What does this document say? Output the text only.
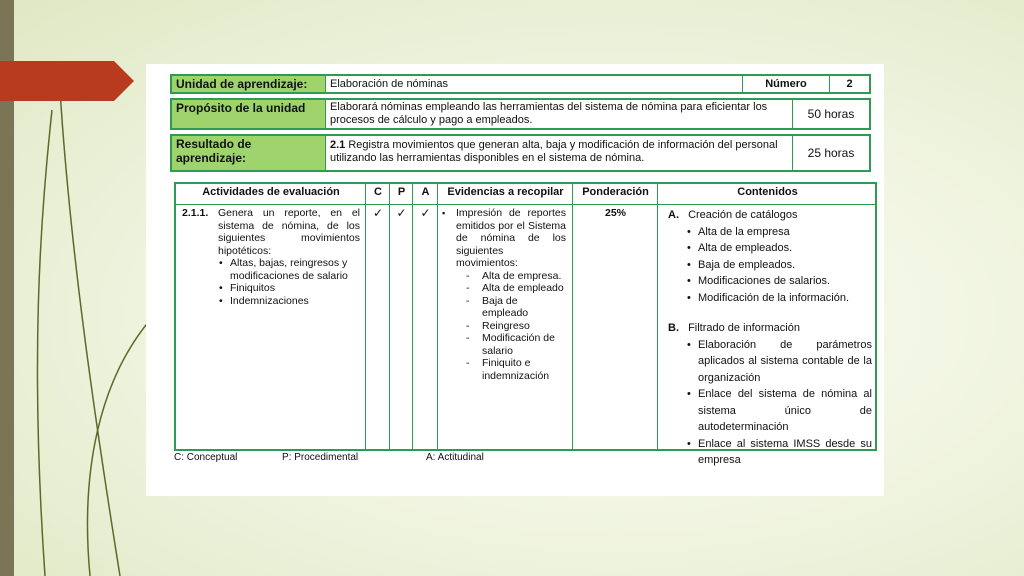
Unidad de aprendizaje:	Elaboración de nóminas	Número	2
Propósito de la unidad	Elaborará nóminas empleando las herramientas del sistema de nómina para eficientar los procesos de cálculo y pago a empleados.	50 horas
Resultado de aprendizaje:
2.1 Registra movimientos que generan alta, baja y modificación de información del personal utilizando las herramientas disponibles en el sistema de nómina.	25 horas
Actividades de evaluación	C	P	A	Evidencias a recopilar	Ponderación	Contenidos
2.1.1. Genera un reporte, en el sistema de nómina, de los siguientes movimientos hipotéticos:
• Altas, bajas, reingresos y modificaciones de salario
• Finiquitos
• Indemnizaciones
✓	✓	✓
▪	Impresión de reportes emitidos por el Sistema de nómina de los siguientes movimientos:
- Alta de empresa.
- Alta de empleado
- Baja de empleado
- Reingreso
- Modificación de salario
- Finiquito e indemnización
25%	A. Creación de catálogos
• Alta de la empresa
• Alta de empleados.
• Baja de empleados.
• Modificaciones de salarios.
• Modificación de la información.
B. Filtrado de información
• Elaboración de parámetros aplicados al sistema contable de la organización
• Enlace del sistema de nómina al sistema único de autodeterminación
• Enlace al sistema IMSS desde su empresa
C: Conceptual	P: Procedimental	A: Actitudinal
